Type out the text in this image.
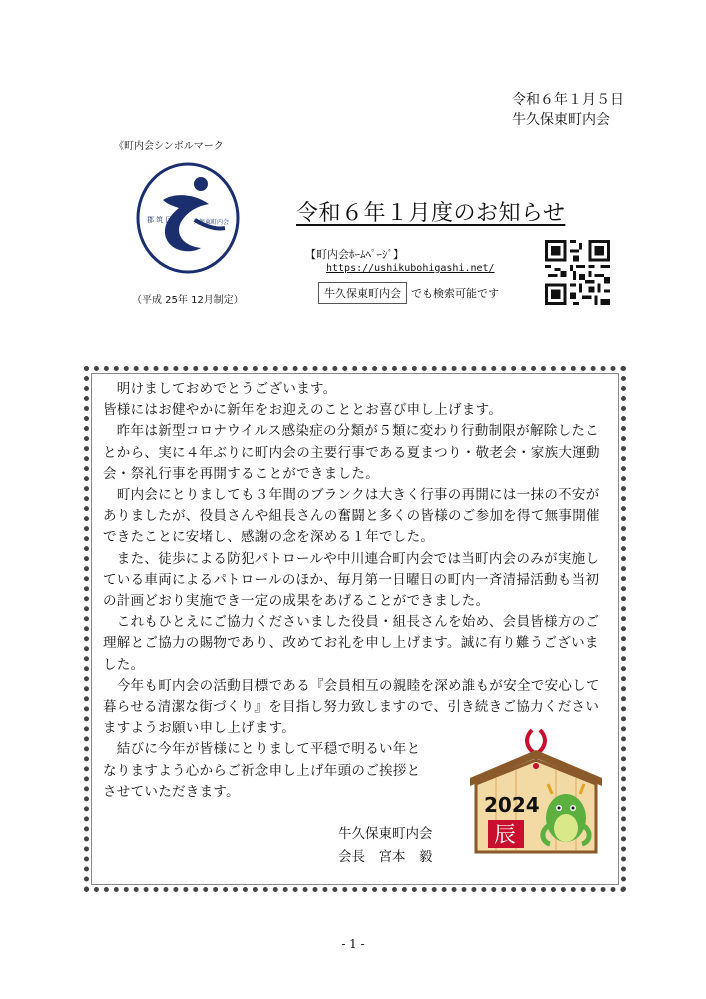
令和６年１月５日
牛久保東町内会
《町内会シンボルマーク
郡 筑 区	久保東町内会
（平成 25年 12月制定）
令和６年１月度のお知らせ
【町内会ﾎｰﾑﾍﾟｰｼﾞ】
https://ushikubohigashi.net/
牛久保東町内会 でも検索可能です

　明けましておめでとうございます。

皆様にはお健やかに新年をお迎えのこととお喜び申し上げます。

　昨年は新型コロナウイルス感染症の分類が５類に変わり行動制限が解除したことから、実に４年ぶりに町内会の主要行事である夏まつり・敬老会・家族大運動会・祭礼行事を再開することができました。

　町内会にとりましても３年間のブランクは大きく行事の再開には一抹の不安がありましたが、役員さんや組長さんの奮闘と多くの皆様のご参加を得て無事開催できたことに安堵し、感謝の念を深める１年でした。

　また、徒歩による防犯パトロールや中川連合町内会では当町内会のみが実施している車両によるパトロールのほか、毎月第一日曜日の町内一斉清掃活動も当初の計画どおり実施でき一定の成果をあげることができました。

　これもひとえにご協力くださいました役員・組長さんを始め、会員皆様方のご理解とご協力の賜物であり、改めてお礼を申し上げます。誠に有り難うございました。

　今年も町内会の活動目標である『会員相互の親睦を深め誰もが安全で安心して暮らせる清潔な街づくり』を目指し努力致しますので、引き続きご協力くださいますようお願い申し上げます。

　結びに今年が皆様にとりまして平穏で明るい年と

なりますよう心からご祈念申し上げ年頭のご挨拶と

させていただきます。

2024
辰
牛久保東町内会
会長　宮本　毅
- 1 -
